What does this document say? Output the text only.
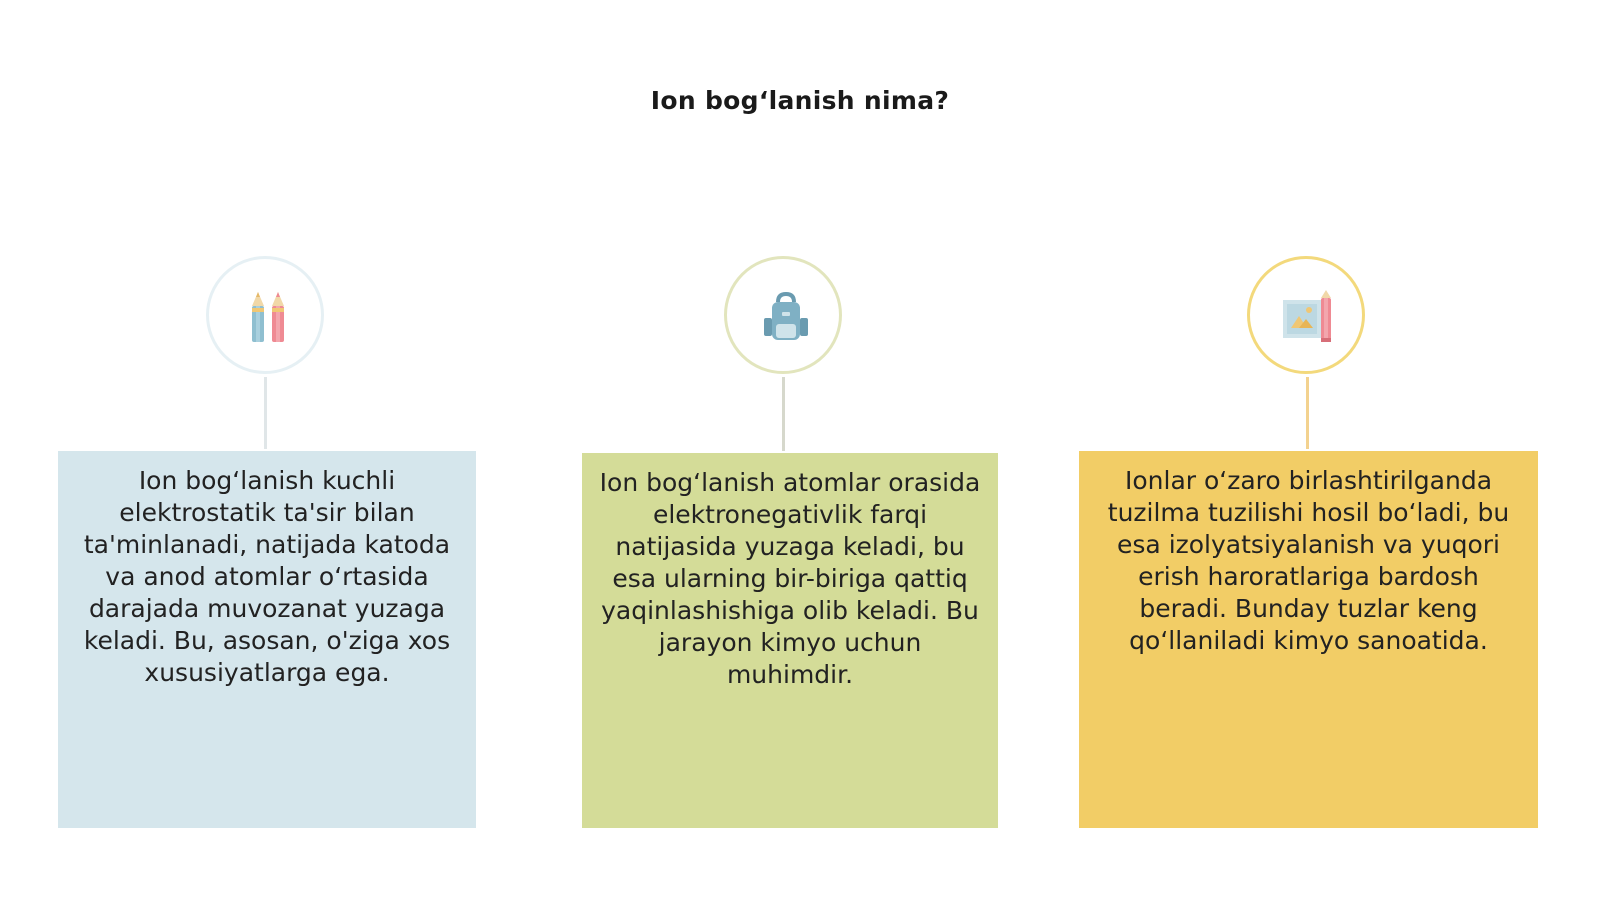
Ion bog‘lanish nima?
Ion bog‘lanish kuchli elektrostatik ta'sir bilan ta'minlanadi, natijada katoda va anod atomlar o‘rtasida darajada muvozanat yuzaga keladi. Bu, asosan, o'ziga xos xususiyatlarga ega.
Ion bog‘lanish atomlar orasida elektronegativlik farqi natijasida yuzaga keladi, bu esa ularning bir-biriga qattiq yaqinlashishiga olib keladi. Bu jarayon kimyo uchun muhimdir.
Ionlar o‘zaro birlashtirilganda tuzilma tuzilishi hosil bo‘ladi, bu esa izolyatsiyalanish va yuqori erish haroratlariga bardosh beradi. Bunday tuzlar keng qo‘llaniladi kimyo sanoatida.
